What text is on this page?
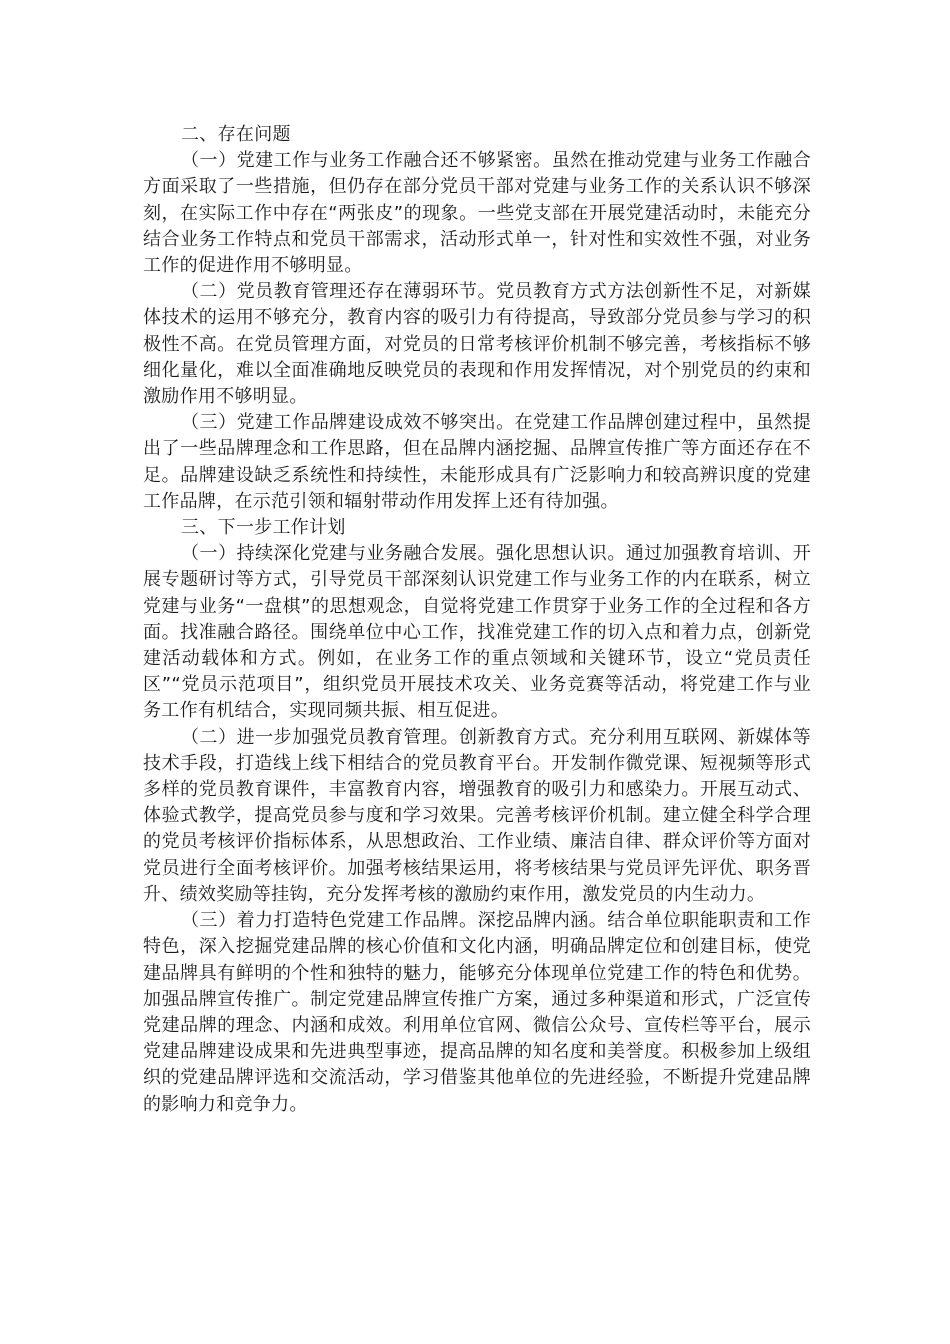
二、存在问题

（一）党建工作与业务工作融合还不够紧密。虽然在推动党建与业务工作融合方面采取了一些措施，但仍存在部分党员干部对党建与业务工作的关系认识不够深刻，在实际工作中存在“两张皮”的现象。一些党支部在开展党建活动时，未能充分结合业务工作特点和党员干部需求，活动形式单一，针对性和实效性不强，对业务工作的促进作用不够明显。

（二）党员教育管理还存在薄弱环节。党员教育方式方法创新性不足，对新媒体技术的运用不够充分，教育内容的吸引力有待提高，导致部分党员参与学习的积极性不高。在党员管理方面，对党员的日常考核评价机制不够完善，考核指标不够细化量化，难以全面准确地反映党员的表现和作用发挥情况，对个别党员的约束和激励作用不够明显。

（三）党建工作品牌建设成效不够突出。在党建工作品牌创建过程中，虽然提出了一些品牌理念和工作思路，但在品牌内涵挖掘、品牌宣传推广等方面还存在不足。品牌建设缺乏系统性和持续性，未能形成具有广泛影响力和较高辨识度的党建工作品牌，在示范引领和辐射带动作用发挥上还有待加强。

三、下一步工作计划

（一）持续深化党建与业务融合发展。强化思想认识。通过加强教育培训、开展专题研讨等方式，引导党员干部深刻认识党建工作与业务工作的内在联系，树立党建与业务“一盘棋”的思想观念，自觉将党建工作贯穿于业务工作的全过程和各方面。找准融合路径。围绕单位中心工作，找准党建工作的切入点和着力点，创新党建活动载体和方式。例如，在业务工作的重点领域和关键环节，设立“党员责任区”“党员示范项目”，组织党员开展技术攻关、业务竞赛等活动，将党建工作与业务工作有机结合，实现同频共振、相互促进。

（二）进一步加强党员教育管理。创新教育方式。充分利用互联网、新媒体等技术手段，打造线上线下相结合的党员教育平台。开发制作微党课、短视频等形式多样的党员教育课件，丰富教育内容，增强教育的吸引力和感染力。开展互动式、体验式教学，提高党员参与度和学习效果。完善考核评价机制。建立健全科学合理的党员考核评价指标体系，从思想政治、工作业绩、廉洁自律、群众评价等方面对党员进行全面考核评价。加强考核结果运用，将考核结果与党员评先评优、职务晋升、绩效奖励等挂钩，充分发挥考核的激励约束作用，激发党员的内生动力。

（三）着力打造特色党建工作品牌。深挖品牌内涵。结合单位职能职责和工作特色，深入挖掘党建品牌的核心价值和文化内涵，明确品牌定位和创建目标，使党建品牌具有鲜明的个性和独特的魅力，能够充分体现单位党建工作的特色和优势。加强品牌宣传推广。制定党建品牌宣传推广方案，通过多种渠道和形式，广泛宣传党建品牌的理念、内涵和成效。利用单位官网、微信公众号、宣传栏等平台，展示党建品牌建设成果和先进典型事迹，提高品牌的知名度和美誉度。积极参加上级组织的党建品牌评选和交流活动，学习借鉴其他单位的先进经验，不断提升党建品牌的影响力和竞争力。
